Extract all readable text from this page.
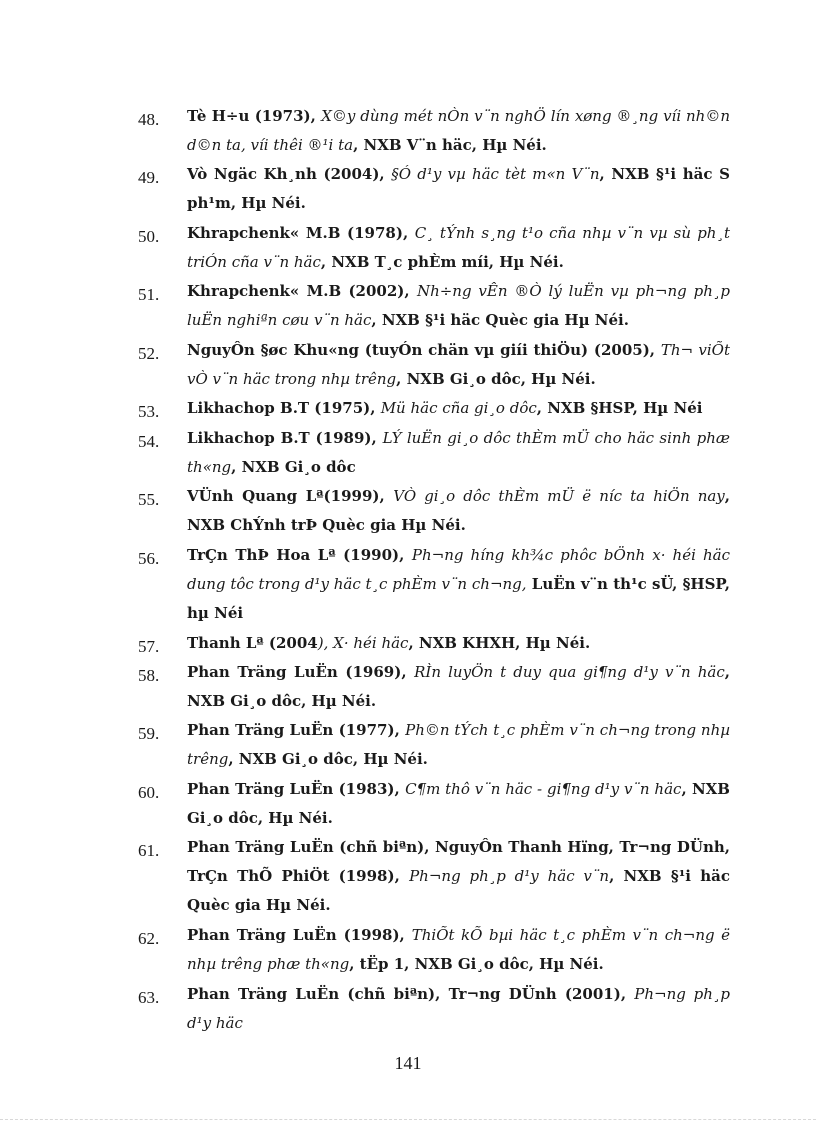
48.	Tè H÷u (1973), X©y dùng mét nÒn v¨n nghÖ lín xøng ®¸ng víi nh©n d©n ta, víi thêi ®¹i ta, NXB V¨n häc, Hµ Néi.
49.	Vò Ngäc Kh¸nh (2004), §Ó d¹y vµ häc tèt m«n V¨n, NXB §¹i häc S ph¹m, Hµ Néi.
50.	Khrapchenk« M.B (1978), C¸ tÝnh s¸ng t¹o cña nhµ v¨n vµ sù ph¸t triÓn cña v¨n häc, NXB T¸c phÈm míi, Hµ Néi.
51.	Khrapchenk« M.B (2002), Nh÷ng vÊn ®Ò lý luËn vµ ph¬ng ph¸p luËn nghiªn cøu v¨n häc, NXB §¹i häc Quèc gia Hµ Néi.
52.	NguyÔn §øc Khu«ng (tuyÓn chän vµ giíi thiÖu) (2005), Th¬ viÕt vÒ v¨n häc trong nhµ trêng, NXB Gi¸o dôc, Hµ Néi.
53.	Likhachop B.T (1975), Mü häc cña gi¸o dôc, NXB §HSP, Hµ Néi
54.	Likhachop B.T (1989), LÝ luËn gi¸o dôc thÈm mÜ cho häc sinh phæ th«ng, NXB Gi¸o dôc
55.	VÜnh Quang Lª(1999), VÒ gi¸o dôc thÈm mÜ ë níc ta hiÖn nay, NXB ChÝnh trÞ Quèc gia Hµ Néi.
56.	TrÇn ThÞ Hoa Lª (1990), Ph¬ng híng kh¾c phôc bÖnh x· héi häc dung tôc trong d¹y häc t¸c phÈm v¨n ch¬ng, LuËn v¨n th¹c sÜ, §HSP, hµ Néi
57.	Thanh Lª (2004), X· héi häc, NXB KHXH, Hµ Néi.
58.	Phan Träng LuËn (1969), RÌn luyÖn t duy qua gi¶ng d¹y v¨n häc, NXB Gi¸o dôc, Hµ Néi.
59.	Phan Träng LuËn (1977), Ph©n tÝch t¸c phÈm v¨n ch¬ng trong nhµ trêng, NXB Gi¸o dôc, Hµ Néi.
60.	Phan Träng LuËn (1983), C¶m thô v¨n häc - gi¶ng d¹y v¨n häc, NXB Gi¸o dôc, Hµ Néi.
61.	Phan Träng LuËn (chñ biªn), NguyÔn Thanh Hïng, Tr¬ng DÜnh, TrÇn ThÕ PhiÖt (1998), Ph¬ng ph¸p d¹y häc v¨n, NXB §¹i häc Quèc gia Hµ Néi.
62.	Phan Träng LuËn (1998), ThiÕt kÕ bµi häc t¸c phÈm v¨n ch¬ng ë nhµ trêng phæ th«ng, tËp 1, NXB Gi¸o dôc, Hµ Néi.
63.	Phan Träng LuËn (chñ biªn), Tr¬ng DÜnh (2001), Ph¬ng ph¸p d¹y häc
141
